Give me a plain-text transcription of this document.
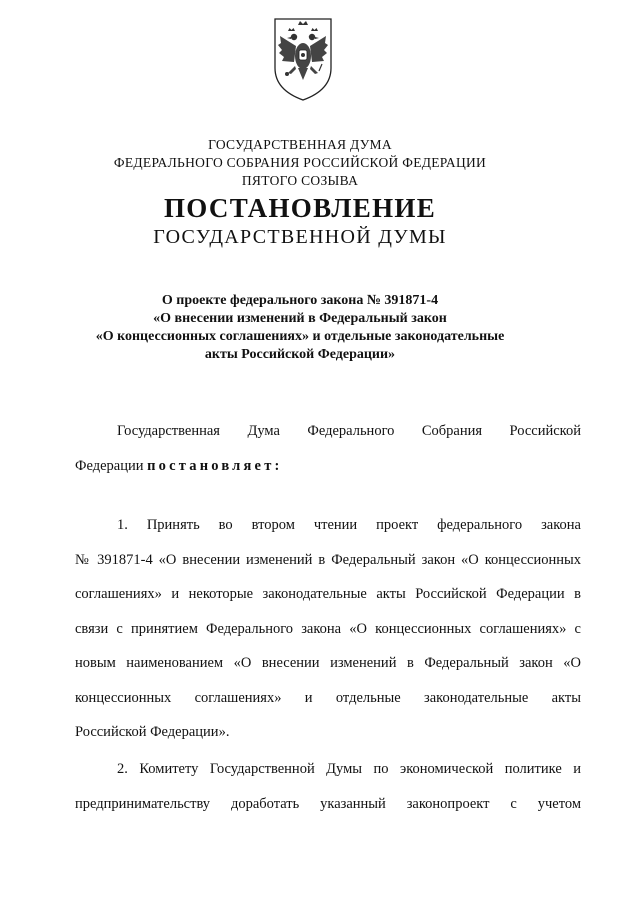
ГОСУДАРСТВЕННАЯ ДУМА
ФЕДЕРАЛЬНОГО СОБРАНИЯ РОССИЙСКОЙ ФЕДЕРАЦИИ
ПЯТОГО СОЗЫВА
ПОСТАНОВЛЕНИЕ
ГОСУДАРСТВЕННОЙ ДУМЫ
О проекте федерального закона № 391871-4
«О внесении изменений в Федеральный закон
«О концессионных соглашениях» и отдельные законодательные
акты Российской Федерации»
Государственная Дума Федерального Собрания Российской
Федерации постановляет:
1. Принять во втором чтении проект федерального закона
№ 391871-4 «О внесении изменений в Федеральный закон «О концессионных
соглашениях» и некоторые законодательные акты Российской Федерации в
связи с принятием Федерального закона «О концессионных соглашениях» с
новым наименованием «О внесении изменений в Федеральный закон «О
концессионных соглашениях» и отдельные законодательные акты
Российской Федерации».
2. Комитету Государственной Думы по экономической политике и
предпринимательству доработать указанный законопроект с учетом
